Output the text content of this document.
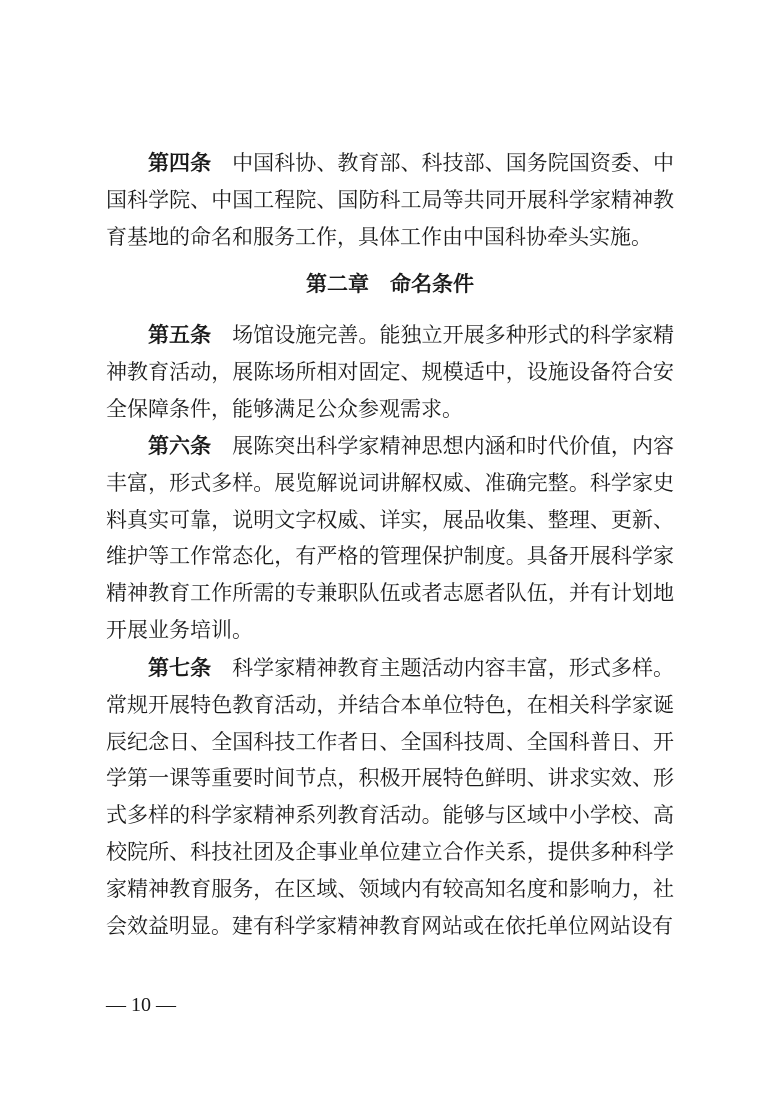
第四条 中国科协、教育部、科技部、国务院国资委、中国科学院、中国工程院、国防科工局等共同开展科学家精神教育基地的命名和服务工作，具体工作由中国科协牵头实施。

第二章　命名条件

第五条 场馆设施完善。能独立开展多种形式的科学家精神教育活动，展陈场所相对固定、规模适中，设施设备符合安全保障条件，能够满足公众参观需求。

第六条 展陈突出科学家精神思想内涵和时代价值，内容丰富，形式多样。展览解说词讲解权威、准确完整。科学家史料真实可靠，说明文字权威、详实，展品收集、整理、更新、维护等工作常态化，有严格的管理保护制度。具备开展科学家精神教育工作所需的专兼职队伍或者志愿者队伍，并有计划地开展业务培训。

第七条 科学家精神教育主题活动内容丰富，形式多样。常规开展特色教育活动，并结合本单位特色，在相关科学家诞辰纪念日、全国科技工作者日、全国科技周、全国科普日、开学第一课等重要时间节点，积极开展特色鲜明、讲求实效、形式多样的科学家精神系列教育活动。能够与区域中小学校、高校院所、科技社团及企事业单位建立合作关系，提供多种科学家精神教育服务，在区域、领域内有较高知名度和影响力，社会效益明显。建有科学家精神教育网站或在依托单位网站设有

— 10 —
